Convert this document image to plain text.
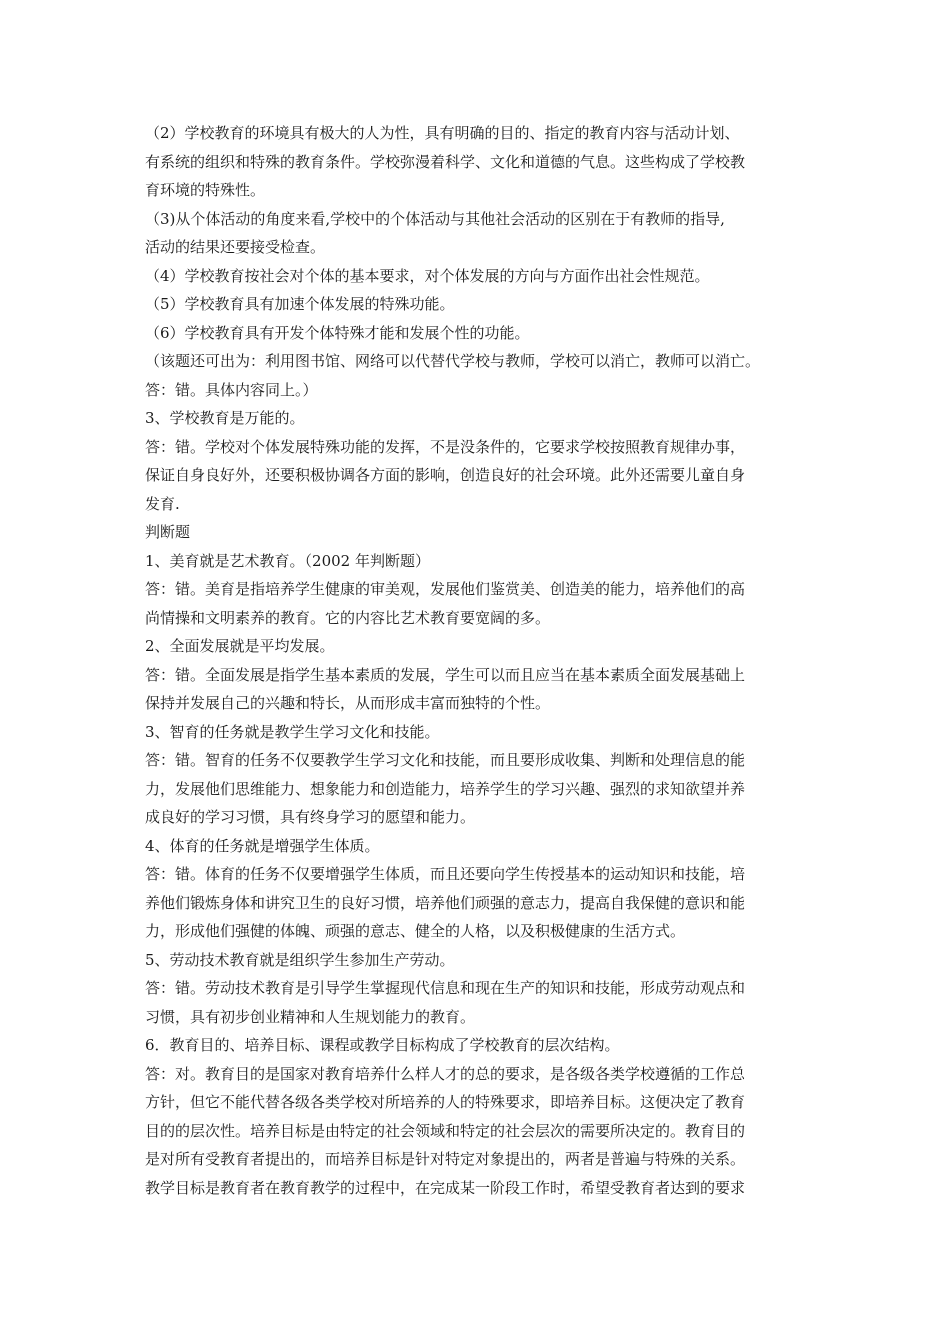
（2）学校教育的环境具有极大的人为性，具有明确的目的、指定的教育内容与活动计划、
有系统的组织和特殊的教育条件。学校弥漫着科学、文化和道德的气息。这些构成了学校教
育环境的特殊性。
（3)从个体活动的角度来看,学校中的个体活动与其他社会活动的区别在于有教师的指导,
活动的结果还要接受检查。
（4）学校教育按社会对个体的基本要求，对个体发展的方向与方面作出社会性规范。
（5）学校教育具有加速个体发展的特殊功能。
（6）学校教育具有开发个体特殊才能和发展个性的功能。
（该题还可出为：利用图书馆、网络可以代替代学校与教师，学校可以消亡，教师可以消亡。
答：错。具体内容同上。）
3、学校教育是万能的。
答：错。学校对个体发展特殊功能的发挥，不是没条件的，它要求学校按照教育规律办事，
保证自身良好外，还要积极协调各方面的影响，创造良好的社会环境。此外还需要儿童自身
发育.
判断题
1、美育就是艺术教育。（2002 年判断题）
答：错。美育是指培养学生健康的审美观，发展他们鉴赏美、创造美的能力，培养他们的高
尚情操和文明素养的教育。它的内容比艺术教育要宽阔的多。
2、全面发展就是平均发展。
答：错。全面发展是指学生基本素质的发展，学生可以而且应当在基本素质全面发展基础上
保持并发展自己的兴趣和特长，从而形成丰富而独特的个性。
3、智育的任务就是教学生学习文化和技能。
答：错。智育的任务不仅要教学生学习文化和技能，而且要形成收集、判断和处理信息的能
力，发展他们思维能力、想象能力和创造能力，培养学生的学习兴趣、强烈的求知欲望并养
成良好的学习习惯，具有终身学习的愿望和能力。
4、体育的任务就是增强学生体质。
答：错。体育的任务不仅要增强学生体质，而且还要向学生传授基本的运动知识和技能，培
养他们锻炼身体和讲究卫生的良好习惯，培养他们顽强的意志力，提高自我保健的意识和能
力，形成他们强健的体魄、顽强的意志、健全的人格，以及积极健康的生活方式。
5、劳动技术教育就是组织学生参加生产劳动。
答：错。劳动技术教育是引导学生掌握现代信息和现在生产的知识和技能，形成劳动观点和
习惯，具有初步创业精神和人生规划能力的教育。
6．教育目的、培养目标、课程或教学目标构成了学校教育的层次结构。
答：对。教育目的是国家对教育培养什么样人才的总的要求，是各级各类学校遵循的工作总
方针，但它不能代替各级各类学校对所培养的人的特殊要求，即培养目标。这便决定了教育
目的的层次性。培养目标是由特定的社会领域和特定的社会层次的需要所决定的。教育目的
是对所有受教育者提出的，而培养目标是针对特定对象提出的，两者是普遍与特殊的关系。
教学目标是教育者在教育教学的过程中，在完成某一阶段工作时，希望受教育者达到的要求
